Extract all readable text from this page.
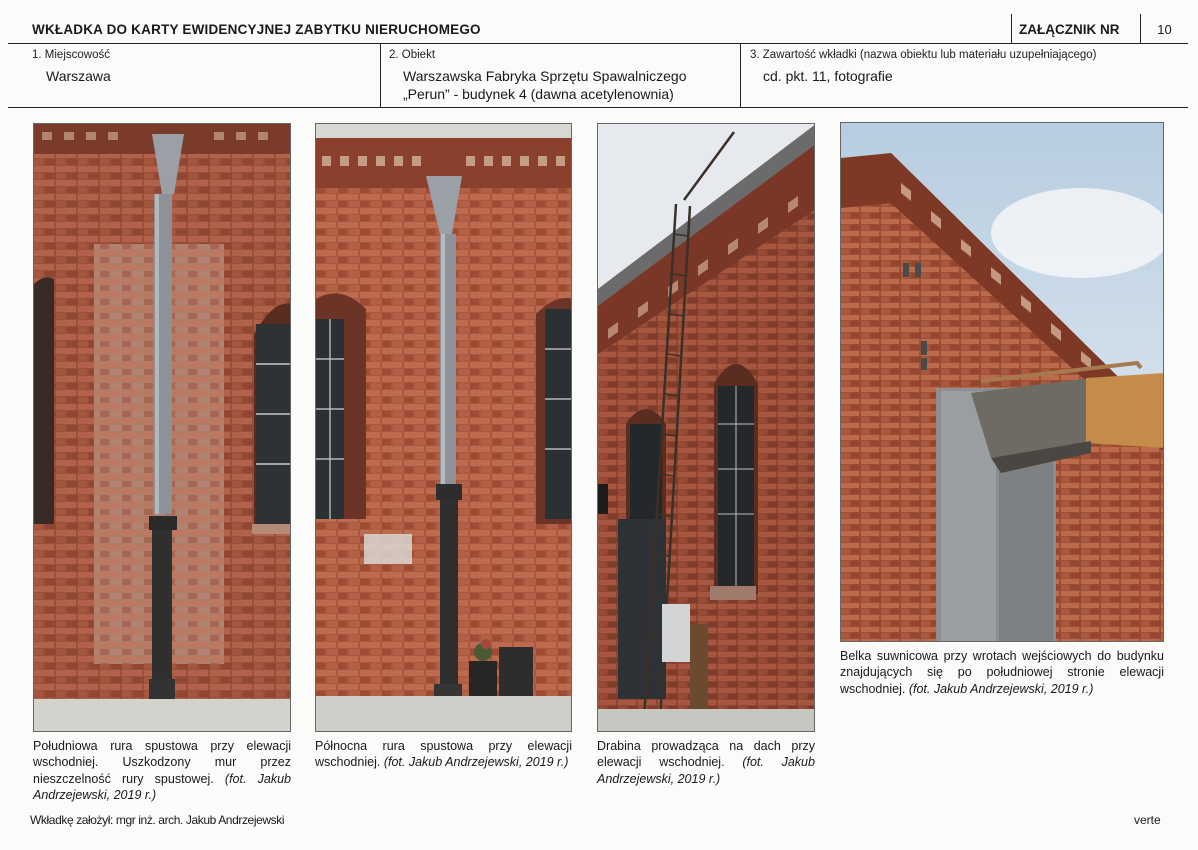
WKŁADKA DO KARTY EWIDENCYJNEJ ZABYTKU NIERUCHOMEGO	ZAŁĄCZNIK NR	10
1. Miejscowość
Warszawa
2. Obiekt
Warszawska Fabryka Sprzętu Spawalniczego
„Perun” - budynek 4 (dawna acetylenownia)
3. Zawartość wkładki (nazwa obiektu lub materiału uzupełniającego)
cd. pkt. 11, fotografie
Południowa rura spustowa przy elewacji wschodniej. Uszkodzony mur przez nieszczelność rury spustowej. (fot. Jakub Andrzejewski, 2019 r.)
Północna rura spustowa przy elewacji wschodniej. (fot. Jakub Andrzejewski, 2019 r.)
Drabina prowadząca na dach przy elewacji wschodniej. (fot. Jakub Andrzejewski, 2019 r.)
Belka suwnicowa przy wrotach wejściowych do budynku znajdujących się po południowej stronie elewacji wschodniej. (fot. Jakub Andrzejewski, 2019 r.)
Wkładkę założył: mgr inż. arch. Jakub Andrzejewski	verte
